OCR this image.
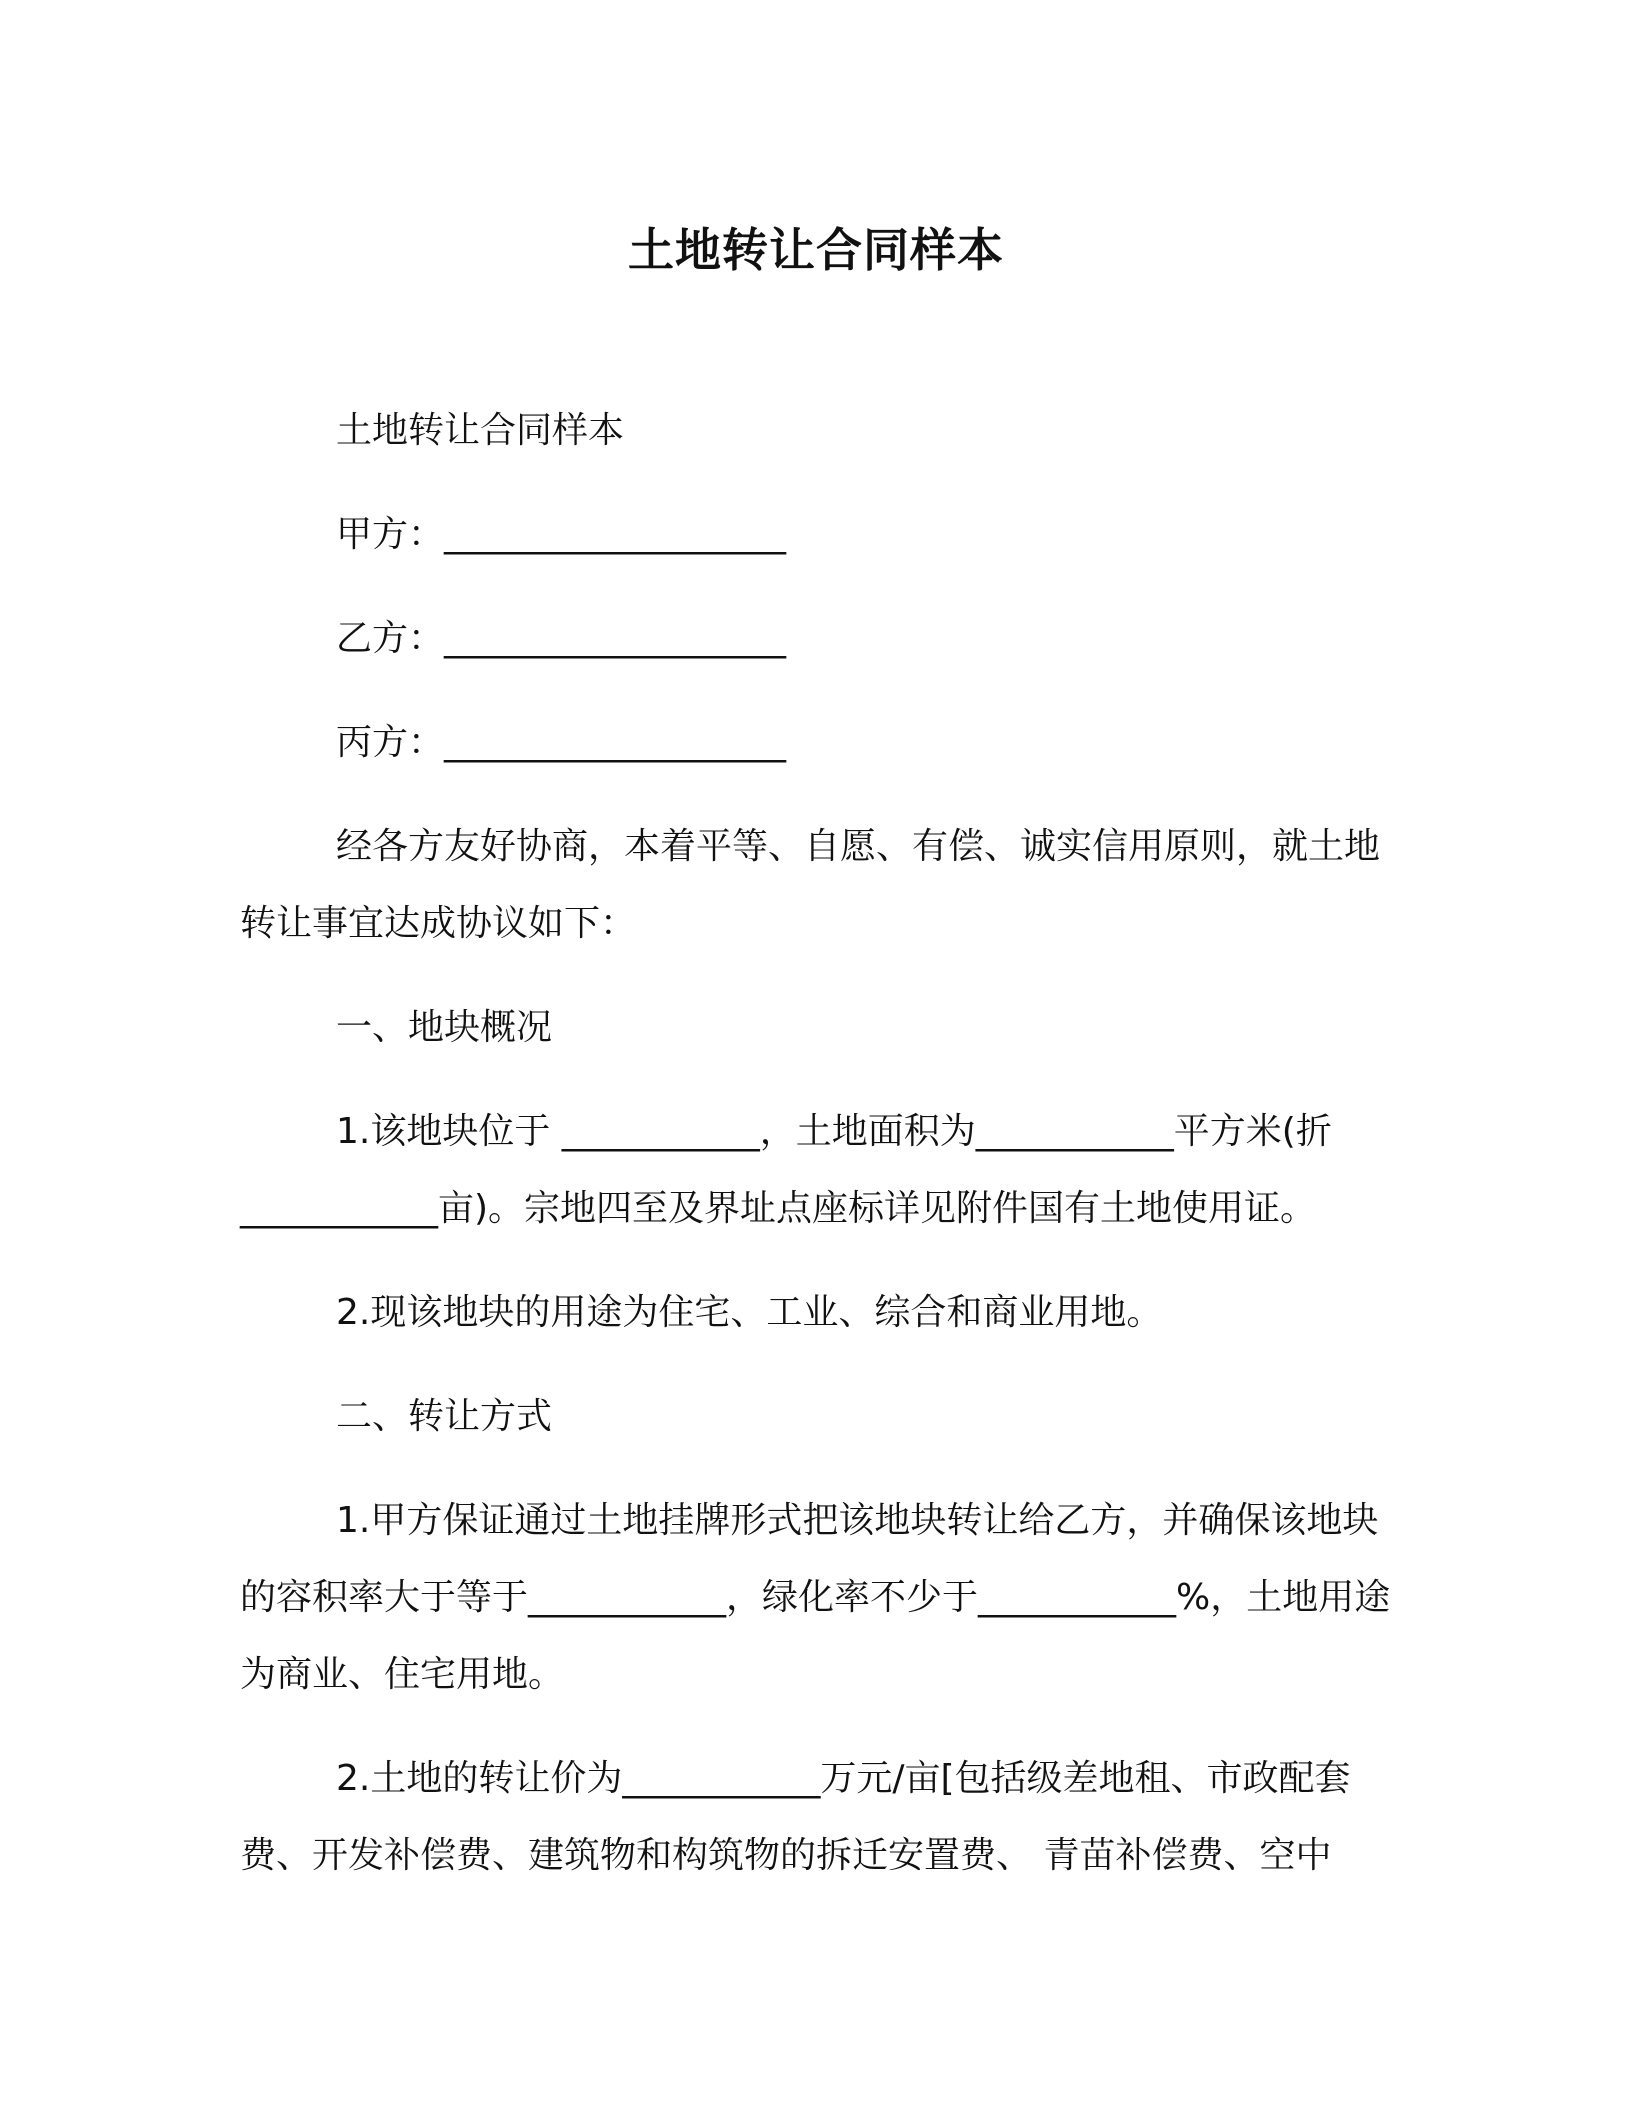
土地转让合同样本

土地转让合同样本

甲方：___________________

乙方：___________________

丙方：___________________

经各方友好协商，本着平等、自愿、有偿、诚实信用原则，就土地转让事宜达成协议如下：

一、地块概况

1.该地块位于 ___________，土地面积为___________平方米(折___________亩)。宗地四至及界址点座标详见附件国有土地使用证。

2.现该地块的用途为住宅、工业、综合和商业用地。

二、转让方式

1.甲方保证通过土地挂牌形式把该地块转让给乙方，并确保该地块的容积率大于等于___________，绿化率不少于___________%，土地用途为商业、住宅用地。

2.土地的转让价为___________万元/亩[包括级差地租、市政配套费、开发补偿费、建筑物和构筑物的拆迁安置费、 青苗补偿费、空中
